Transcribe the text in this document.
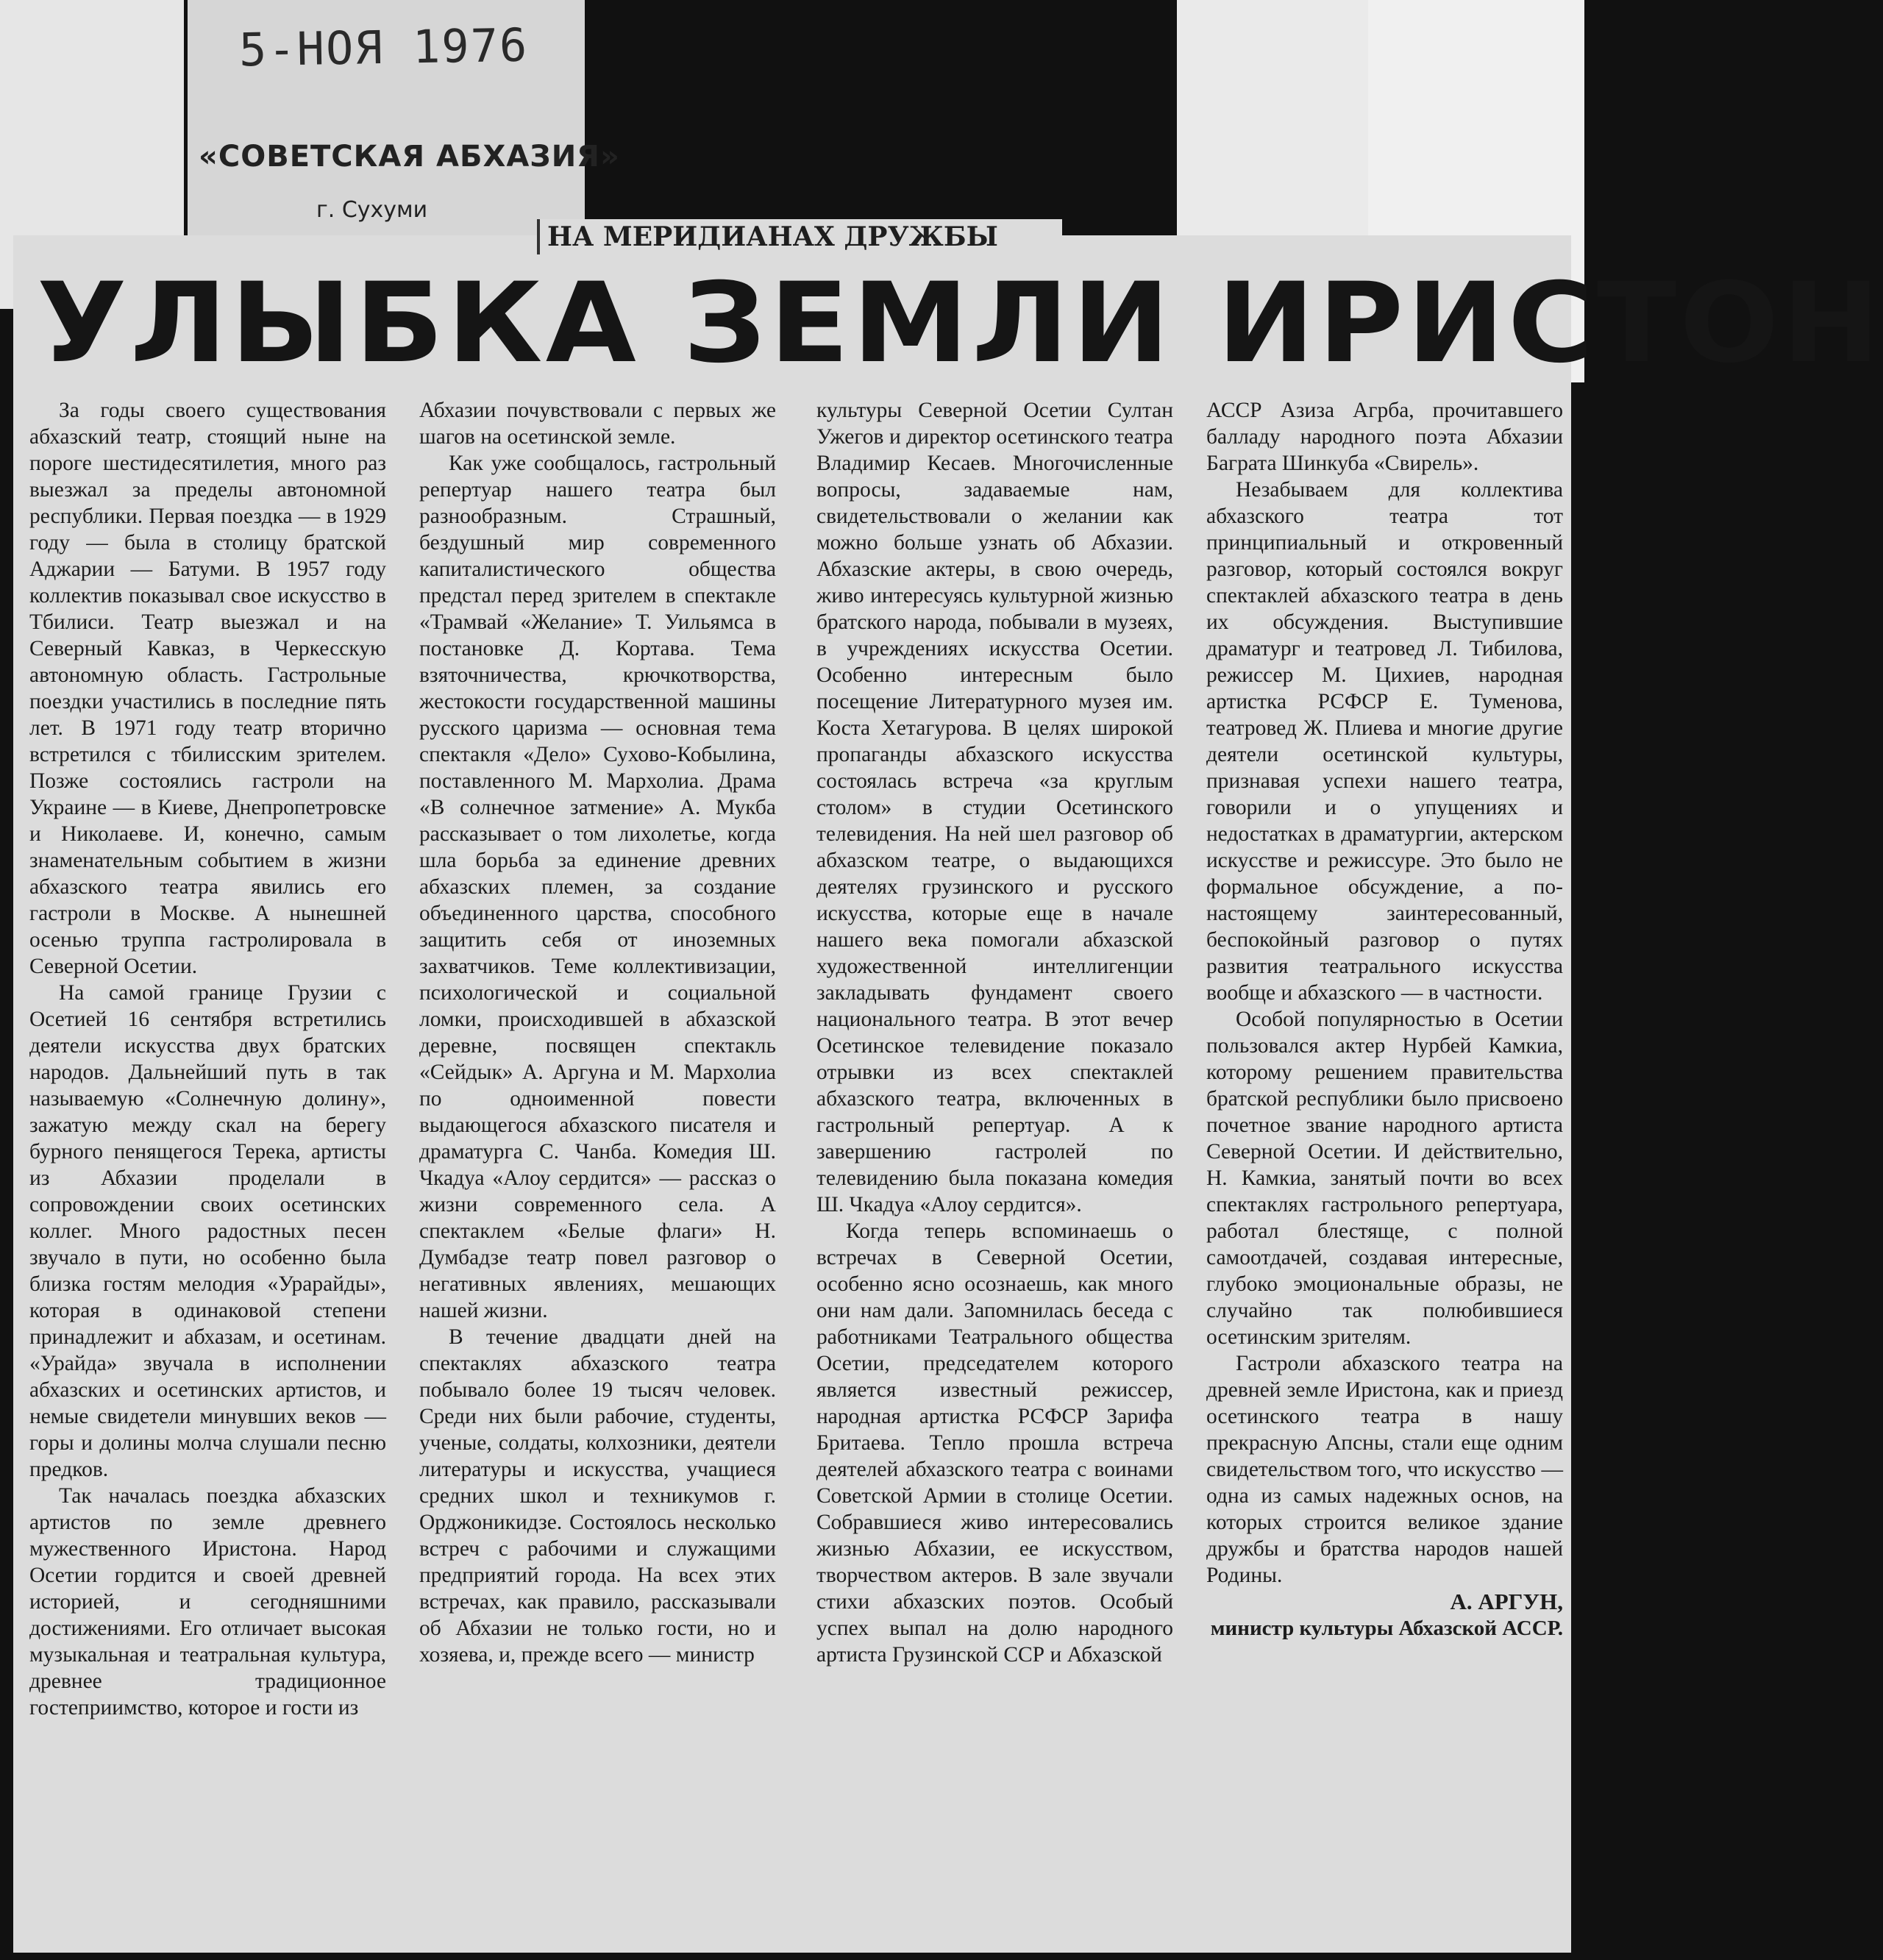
5-НОЯ 1976
«СОВЕТСКАЯ АБХАЗИЯ»
г. Сухуми
НА МЕРИДИАНАХ ДРУЖБЫ
УЛЫБКА ЗЕМЛИ ИРИСТОН

За годы своего существования абхазский театр, стоящий ныне на пороге шестидесятилетия, много раз выезжал за пределы автономной республики. Первая поездка — в 1929 году — была в столицу братской Аджарии — Батуми. В 1957 году коллектив показывал свое искусство в Тбилиси. Театр выезжал и на Северный Кавказ, в Черкесскую автономную область. Гастрольные поездки участились в последние пять лет. В 1971 году театр вторично встретился с тбилисским зрителем. Позже состоялись гастроли на Украине — в Киеве, Днепропетровске и Николаеве. И, конечно, самым знаменательным событием в жизни абхазского театра явились его гастроли в Москве. А нынешней осенью труппа гастролировала в Северной Осетии.

На самой границе Грузии с Осетией 16 сентября встретились деятели искусства двух братских народов. Дальнейший путь в так называемую «Солнечную долину», зажатую между скал на берегу бурного пенящегося Терека, артисты из Абхазии проделали в сопровождении своих осетинских коллег. Много радостных песен звучало в пути, но особенно была близка гостям мелодия «Урарайды», которая в одинаковой степени принадлежит и абхазам, и осетинам. «Урайда» звучала в исполнении абхазских и осетинских артистов, и немые свидетели минувших веков — горы и долины молча слушали песню предков.

Так началась поездка абхазских артистов по земле древнего мужественного Иристона. Народ Осетии гордится и своей древней историей, и сегодняшними достижениями. Его отличает высокая музыкальная и театральная культура, древнее традиционное гостеприимство, которое и гости из

Абхазии почувствовали с первых же шагов на осетинской земле.

Как уже сообщалось, гастрольный репертуар нашего театра был разнообразным. Страшный, бездушный мир современного капиталистического общества предстал перед зрителем в спектакле «Трамвай «Желание» Т. Уильямса в постановке Д. Кортава. Тема взяточничества, крючкотворства, жестокости государственной машины русского царизма — основная тема спектакля «Дело» Сухово-Кобылина, поставленного М. Мархолиа. Драма «В солнечное затмение» А. Мукба рассказывает о том лихолетье, когда шла борьба за единение древних абхазских племен, за создание объединенного царства, способного защитить себя от иноземных захватчиков. Теме коллективизации, психологической и социальной ломки, происходившей в абхазской деревне, посвящен спектакль «Сейдык» А. Аргуна и М. Мархолиа по одноименной повести выдающегося абхазского писателя и драматурга С. Чанба. Комедия Ш. Чкадуа «Алоу сердится» — рассказ о жизни современного села. А спектаклем «Белые флаги» Н. Думбадзе театр повел разговор о негативных явлениях, мешающих нашей жизни.

В течение двадцати дней на спектаклях абхазского театра побывало более 19 тысяч человек. Среди них были рабочие, студенты, ученые, солдаты, колхозники, деятели литературы и искусства, учащиеся средних школ и техникумов г. Орджоникидзе. Состоялось несколько встреч с рабочими и служащими предприятий города. На всех этих встречах, как правило, рассказывали об Абхазии не только гости, но и хозяева, и, прежде всего — министр

культуры Северной Осетии Султан Ужегов и директор осетинского театра Владимир Кесаев. Многочисленные вопросы, задаваемые нам, свидетельствовали о желании как можно больше узнать об Абхазии. Абхазские актеры, в свою очередь, живо интересуясь культурной жизнью братского народа, побывали в музеях, в учреждениях искусства Осетии. Особенно интересным было посещение Литературного музея им. Коста Хетагурова. В целях широкой пропаганды абхазского искусства состоялась встреча «за круглым столом» в студии Осетинского телевидения. На ней шел разговор об абхазском театре, о выдающихся деятелях грузинского и русского искусства, которые еще в начале нашего века помогали абхазской художественной интеллигенции закладывать фундамент своего национального театра. В этот вечер Осетинское телевидение показало отрывки из всех спектаклей абхазского театра, включенных в гастрольный репертуар. А к завершению гастролей по телевидению была показана комедия Ш. Чкадуа «Алоу сердится».

Когда теперь вспоминаешь о встречах в Северной Осетии, особенно ясно осознаешь, как много они нам дали. Запомнилась беседа с работниками Театрального общества Осетии, председателем которого является известный режиссер, народная артистка РСФСР Зарифа Бритаева. Тепло прошла встреча деятелей абхазского театра с воинами Советской Армии в столице Осетии. Собравшиеся живо интересовались жизнью Абхазии, ее искусством, творчеством актеров. В зале звучали стихи абхазских поэтов. Особый успех выпал на долю народного артиста Грузинской ССР и Абхазской

АССР Азиза Агрба, прочитавшего балладу народного поэта Абхазии Баграта Шинкуба «Свирель».

Незабываем для коллектива абхазского театра тот принципиальный и откровенный разговор, который состоялся вокруг спектаклей абхазского театра в день их обсуждения. Выступившие драматург и театровед Л. Тибилова, режиссер М. Цихиев, народная артистка РСФСР Е. Туменова, театровед Ж. Плиева и многие другие деятели осетинской культуры, признавая успехи нашего театра, говорили и о упущениях и недостатках в драматургии, актерском искусстве и режиссуре. Это было не формальное обсуждение, а по-настоящему заинтересованный, беспокойный разговор о путях развития театрального искусства вообще и абхазского — в частности.

Особой популярностью в Осетии пользовался актер Нурбей Камкиа, которому решением правительства братской республики было присвоено почетное звание народного артиста Северной Осетии. И действительно, Н. Камкиа, занятый почти во всех спектаклях гастрольного репертуара, работал блестяще, с полной самоотдачей, создавая интересные, глубоко эмоциональные образы, не случайно так полюбившиеся осетинским зрителям.

Гастроли абхазского театра на древней земле Иристона, как и приезд осетинского театра в нашу прекрасную Апсны, стали еще одним свидетельством того, что искусство — одна из самых надежных основ, на которых строится великое здание дружбы и братства народов нашей Родины.

А. АРГУН,

министр культуры Абхазской АССР.
